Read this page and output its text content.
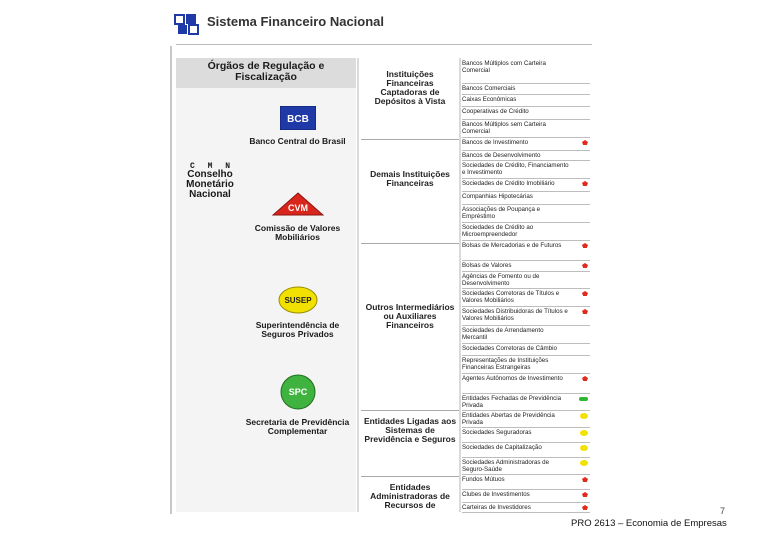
Sistema Financeiro Nacional
Órgãos de Regulação e Fiscalização
C M N
Conselho Monetário Nacional
BCB
Banco Central do Brasil
CVM
Comissão de Valores Mobiliários
SUSEP
Superintendência de Seguros Privados
SPC
Secretaria de Previdência Complementar
Instituições Financeiras Captadoras de Depósitos à Vista
Demais Instituições Financeiras
Outros Intermediários ou Auxiliares Financeiros
Entidades Ligadas aos Sistemas de Previdência e Seguros
Entidades Administradoras de Recursos de
Bancos Múltiplos com Carteira Comercial
Bancos Comerciais
Caixas Econômicas
Cooperativas de Crédito
Bancos Múltiplos sem Carteira Comercial
Bancos de Investimento
Bancos de Desenvolvimento
Sociedades de Crédito, Financiamento e Investimento
Sociedades de Crédito Imobiliário
Companhias Hipotecárias
Associações de Poupança e Empréstimo
Sociedades de Crédito ao Microempreendedor
Bolsas de Mercadorias e de Futuros
Bolsas de Valores
Agências de Fomento ou de Desenvolvimento
Sociedades Corretoras de Títulos e Valores Mobiliários
Sociedades Distribuidoras de Títulos e Valores Mobiliários
Sociedades de Arrendamento Mercantil
Sociedades Corretoras de Câmbio
Representações de Instituições Financeiras Estrangeiras
Agentes Autônomos de Investimento
Entidades Fechadas de Previdência Privada
Entidades Abertas de Previdência Privada
Sociedades Seguradoras
Sociedades de Capitalização
Sociedades Administradoras de Seguro-Saúde
Fundos Mútuos
Clubes de Investimentos
Carteiras de Investidores	7
PRO 2613 – Economia de Empresas
